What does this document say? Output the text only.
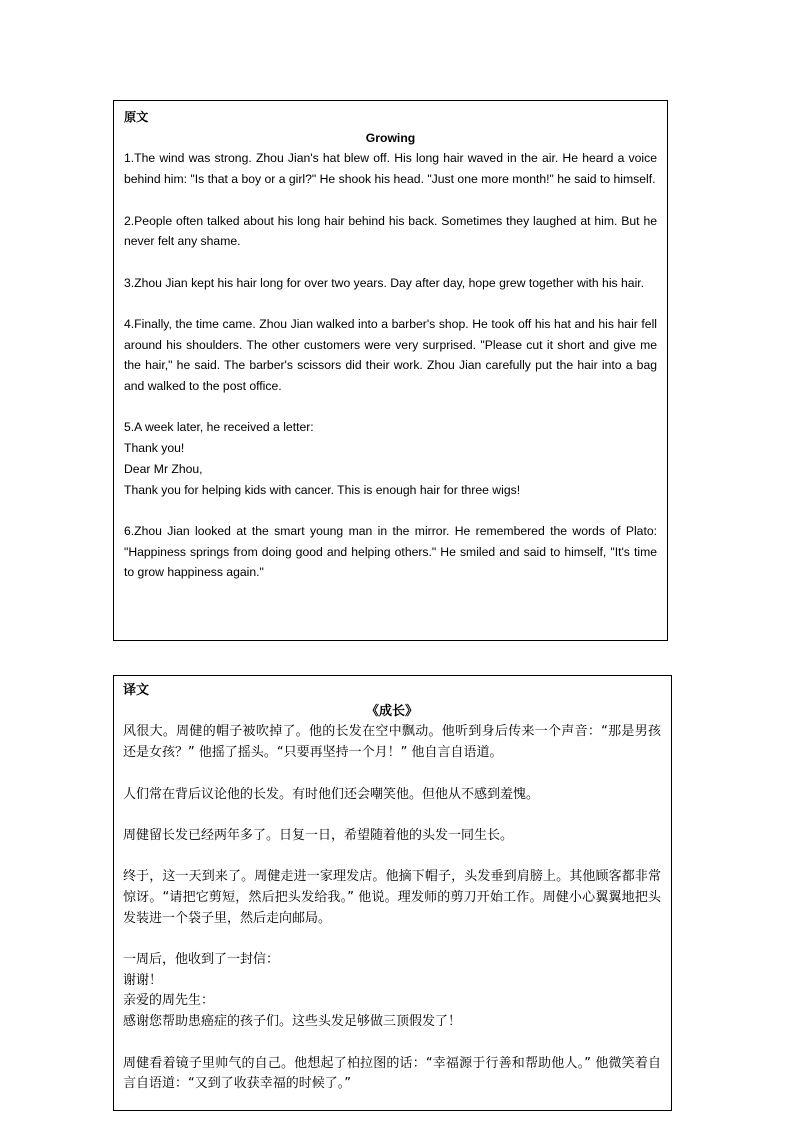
原文
Growing
1.The wind was strong. Zhou Jian's hat blew off. His long hair waved in the air. He heard a voice behind him: "Is that a boy or a girl?" He shook his head. "Just one more month!" he said to himself.
2.People often talked about his long hair behind his back. Sometimes they laughed at him. But he never felt any shame.
3.Zhou Jian kept his hair long for over two years. Day after day, hope grew together with his hair.
4.Finally, the time came. Zhou Jian walked into a barber's shop. He took off his hat and his hair fell around his shoulders. The other customers were very surprised. "Please cut it short and give me the hair," he said. The barber's scissors did their work. Zhou Jian carefully put the hair into a bag and walked to the post office.
5.A week later, he received a letter:
Thank you!
Dear Mr Zhou,
Thank you for helping kids with cancer. This is enough hair for three wigs!
6.Zhou Jian looked at the smart young man in the mirror. He remembered the words of Plato: "Happiness springs from doing good and helping others." He smiled and said to himself, "It's time to grow happiness again."
译文
《成长》
风很大。周健的帽子被吹掉了。他的长发在空中飘动。他听到身后传来一个声音：“那是男孩还是女孩？” 他摇了摇头。“只要再坚持一个月！” 他自言自语道。
人们常在背后议论他的长发。有时他们还会嘲笑他。但他从不感到羞愧。
周健留长发已经两年多了。日复一日，希望随着他的头发一同生长。
终于，这一天到来了。周健走进一家理发店。他摘下帽子，头发垂到肩膀上。其他顾客都非常惊讶。“请把它剪短，然后把头发给我。” 他说。理发师的剪刀开始工作。周健小心翼翼地把头发装进一个袋子里，然后走向邮局。
一周后，他收到了一封信：
谢谢！
亲爱的周先生：
感谢您帮助患癌症的孩子们。这些头发足够做三顶假发了！
周健看着镜子里帅气的自己。他想起了柏拉图的话：“幸福源于行善和帮助他人。” 他微笑着自言自语道：“又到了收获幸福的时候了。”
